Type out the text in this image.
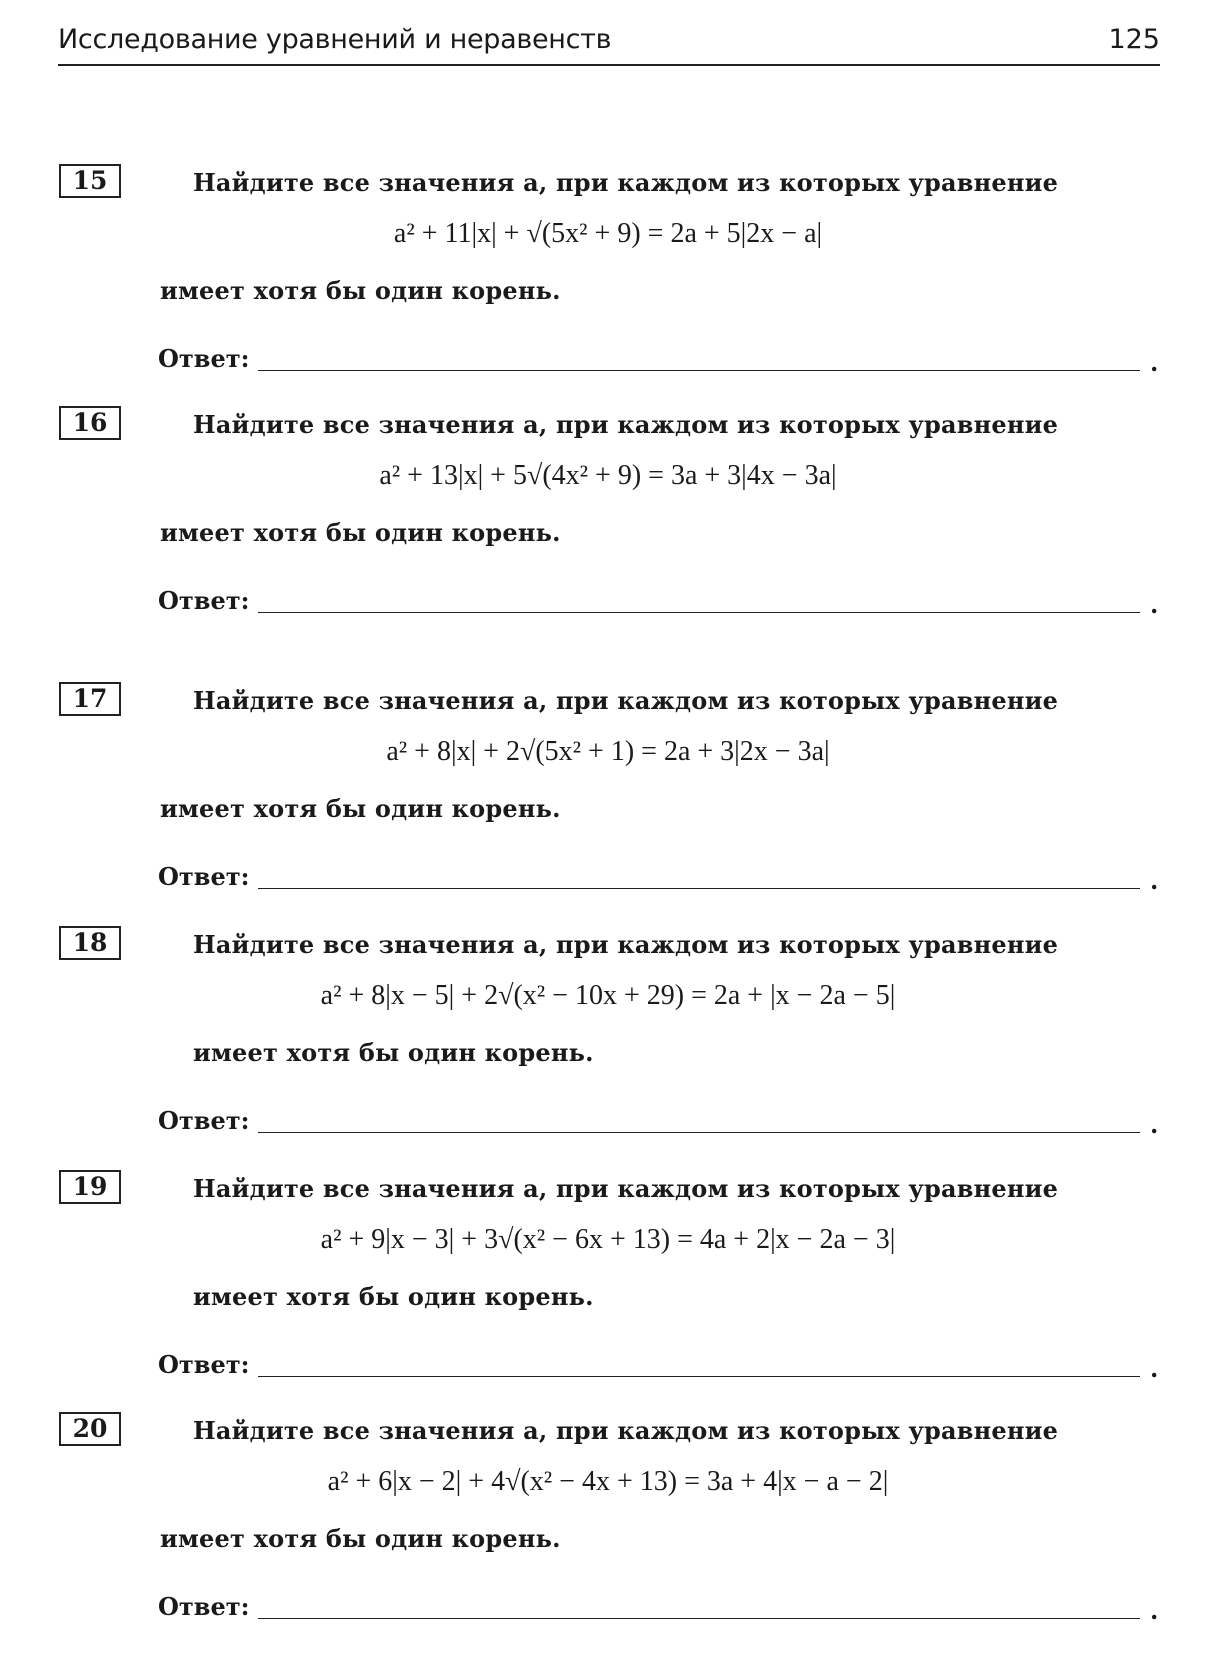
Исследование уравнений и неравенств	125
15	Найдите все значения a, при каждом из которых уравнение
a² + 11|x| + √(5x² + 9) = 2a + 5|2x − a|
имеет хотя бы один корень.
Ответ:	.
16	Найдите все значения a, при каждом из которых уравнение
a² + 13|x| + 5√(4x² + 9) = 3a + 3|4x − 3a|
имеет хотя бы один корень.
Ответ:	.
17	Найдите все значения a, при каждом из которых уравнение
a² + 8|x| + 2√(5x² + 1) = 2a + 3|2x − 3a|
имеет хотя бы один корень.
Ответ:	.
18	Найдите все значения a, при каждом из которых уравнение
a² + 8|x − 5| + 2√(x² − 10x + 29) = 2a + |x − 2a − 5|
имеет хотя бы один корень.
Ответ:	.
19	Найдите все значения a, при каждом из которых уравнение
a² + 9|x − 3| + 3√(x² − 6x + 13) = 4a + 2|x − 2a − 3|
имеет хотя бы один корень.
Ответ:	.
20	Найдите все значения a, при каждом из которых уравнение
a² + 6|x − 2| + 4√(x² − 4x + 13) = 3a + 4|x − a − 2|
имеет хотя бы один корень.
Ответ:	.
